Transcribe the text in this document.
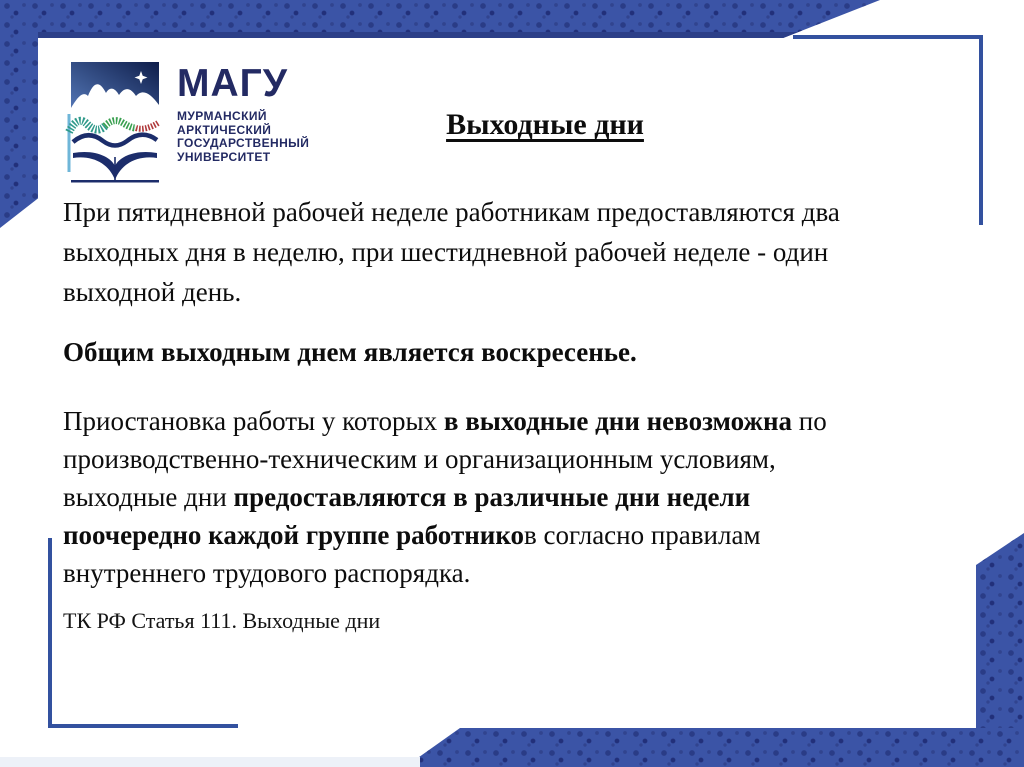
МАГУ
МУРМАНСКИЙ
АРКТИЧЕСКИЙ
ГОСУДАРСТВЕННЫЙ
УНИВЕРСИТЕТ
Выходные дни
При пятидневной рабочей неделе работникам предоставляются два
выходных дня в неделю, при шестидневной рабочей неделе - один
выходной день.
Общим выходным днем является воскресенье.
Приостановка работы у которых в выходные дни невозможна по
производственно-техническим и организационным условиям,
выходные дни предоставляются в различные дни недели
поочередно каждой группе работников согласно правилам
внутреннего трудового распорядка.
ТК РФ Статья 111. Выходные дни
